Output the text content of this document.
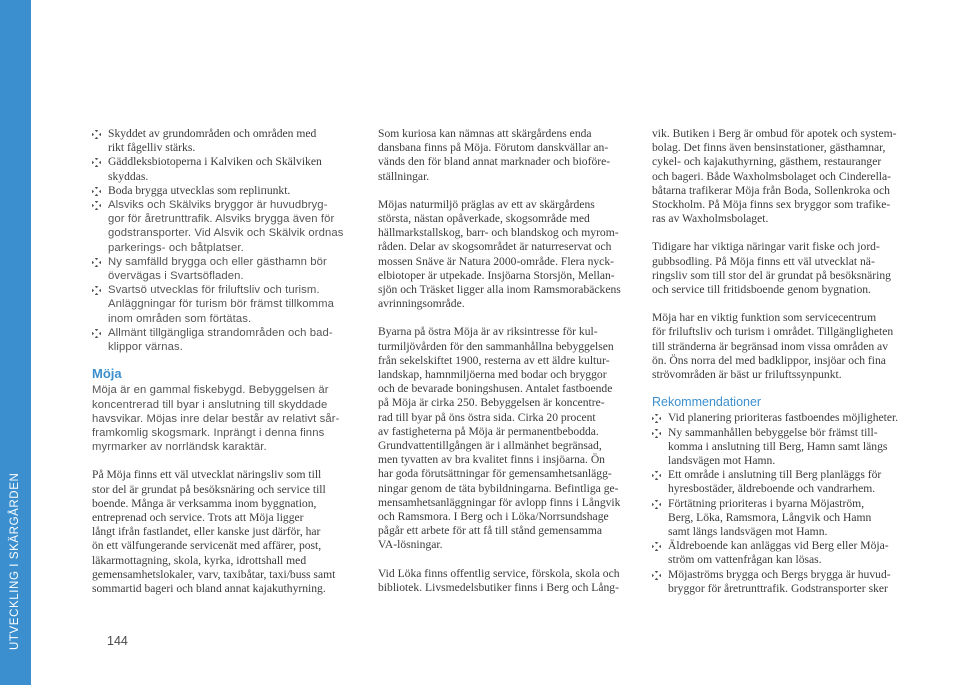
144
Skyddet av grundområden och områden med
rikt fågelliv stärks.
Gäddleksbiotoperna i Kalviken och Skälviken
skyddas.
Boda brygga utvecklas som repliпunkt.
Alsviks och Skälviks bryggor är huvudbryg-
gor för åretrunttrafik. Alsviks brygga även för
godstransporter. Vid Alsvik och Skälvik ordnas
parkerings- och båtplatser.
Ny samfälld brygga och eller gästhamn bör
övervägas i Svartsöfladen.
Svartsö utvecklas för friluftsliv och turism.
Anläggningar för turism bör främst tillkomma
inom områden som förtätas.
Allmänt tillgängliga strandområden och bad-
klippor värnas.
Möja

Möja är en gammal fiskebygd. Bebyggelsen är
koncentrerad till byar i anslutning till skyddade
havsvikar. Möjas inre delar består av relativt sår-
framkomlig skogsmark. Inprängt i denna finns
myrmarker av norrländsk karaktär.

På Möja finns ett väl utvecklat näringsliv som till
stor del är grundat på besöksnäring och service till
boende. Många är verksamma inom byggnation,
entreprenad och service. Trots att Möja ligger
långt ifrån fastlandet, eller kanske just därför, har
ön ett välfungerande servicenät med affärer, post,
läkarmottagning, skola, kyrka, idrottshall med
gemensamhetslokaler, varv, taxibåtar, taxi/buss samt
sommartid bageri och bland annat kajakuthyrning.

Som kuriosa kan nämnas att skärgårdens enda
dansbana finns på Möja. Förutom danskvällar an-
vänds den för bland annat marknader och bioföre-
ställningar.

Möjas naturmiljö präglas av ett av skärgårdens
största, nästan opåverkade, skogsområde med
hällmarkstallskog, barr- och blandskog och myrom-
råden. Delar av skogsområdet är naturreservat och
mossen Snäve är Natura 2000-område. Flera nyck-
elbiotoper är utpekade. Insjöarna Storsjön, Mellan-
sjön och Träsket ligger alla inom Ramsmorabäckens
avrinningsområde.

Byarna på östra Möja är av riksintresse för kul-
turmiljövården för den sammanhållna bebyggelsen
från sekelskiftet 1900, resterna av ett äldre kultur-
landskap, hamnmiljöerna med bodar och bryggor
och de bevarade boningshusen. Antalet fastboende
på Möja är cirka 250. Bebyggelsen är koncentre-
rad till byar på öns östra sida. Cirka 20 procent
av fastigheterna på Möja är permanentbebodda.
Grundvattentillgången är i allmänhet begränsad,
men tyvatten av bra kvalitet finns i insjöarna. Ön
har goda förutsättningar för gemensamhetsanlägg-
ningar genom de täta bybildningarna. Befintliga ge-
mensamhetsanläggningar för avlopp finns i Långvik
och Ramsmora. I Berg och i Löka/Norrsundshage
pågår ett arbete för att få till stånd gemensamma
VA-lösningar.

Vid Löka finns offentlig service, förskola, skola och
bibliotek. Livsmedelsbutiker finns i Berg och Lång-

vik. Butiken i Berg är ombud för apotek och system-
bolag. Det finns även bensinstationer, gästhamnar,
cykel- och kajakuthyrning, gästhem, restauranger
och bageri. Både Waxholmsbolaget och Cinderella-
båtarna trafikerar Möja från Boda, Sollenkroka och
Stockholm. På Möja finns sex bryggor som trafike-
ras av Waxholmsbolaget.

Tidigare har viktiga näringar varit fiske och jord-
gubbsodling. På Möja finns ett väl utvecklat nä-
ringsliv som till stor del är grundat på besöksnäring
och service till fritidsboende genom bygnation.

Möja har en viktig funktion som servicecentrum
för friluftsliv och turism i området. Tillgängligheten
till stränderna är begränsad inom vissa områden av
ön. Öns norra del med badklippor, insjöar och fina
strövområden är bäst ur friluftssynpunkt.

Rekommendationer
Vid planering prioriteras fastboendes möjligheter.
Ny sammanhållen bebyggelse bör främst till-
komma i anslutning till Berg, Hamn samt längs
landsvägen mot Hamn.
Ett område i anslutning till Berg planläggs för
hyresbostäder, äldreboende och vandrarhem.
Förtätning prioriteras i byarna Möjaström,
Berg, Löka, Ramsmora, Långvik och Hamn
samt längs landsvägen mot Hamn.
Äldreboende kan anläggas vid Berg eller Möja-
ström om vattenfrågan kan lösas.
Möjaströms brygga och Bergs brygga är huvud-
bryggor för åretrunttrafik. Godstransporter sker
